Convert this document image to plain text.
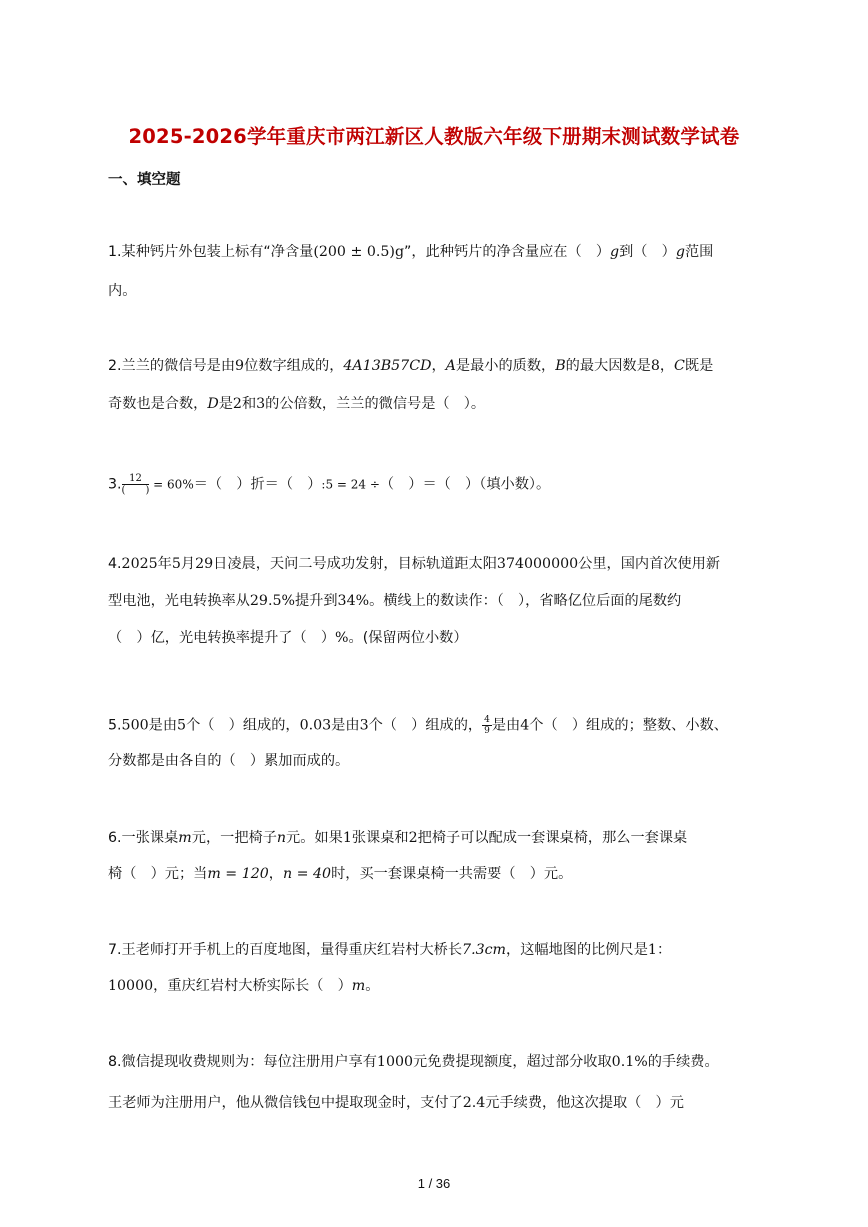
2025-2026学年重庆市两江新区人教版六年级下册期末测试数学试卷
一、填空题
1.某种钙片外包装上标有“净含量(200 ± 0.5)g”，此种钙片的净含量应在（　）g到（　）g范围
内。
2.兰兰的微信号是由9位数字组成的，4A13B57CD，A是最小的质数，B的最大因数是8，C既是
奇数也是合数，D是2和3的公倍数，兰兰的微信号是（　）。
3. $\frac{12}{( )} = 60\%=$（　）折＝（　）:5 = 24 ÷（　）＝（　）（填小数）。
4.2025年5月29日凌晨，天问二号成功发射，目标轨道距太阳374000000公里，国内首次使用新
型电池，光电转换率从29.5%提升到34%。横线上的数读作：（　），省略亿位后面的尾数约
（　）亿，光电转换率提升了（　）%。(保留两位小数）
5.500是由5个（　）组成的，0.03是由3个（　）组成的， $\frac{4}{9}$ 是由4个（　）组成的；整数、小数、
分数都是由各自的（　）累加而成的。
6.一张课桌m元，一把椅子n元。如果1张课桌和2把椅子可以配成一套课桌椅，那么一套课桌
椅（　）元；当m = 120，n = 40时，买一套课桌椅一共需要（　）元。
7.王老师打开手机上的百度地图，量得重庆红岩村大桥长7.3cm，这幅地图的比例尺是1：
10000，重庆红岩村大桥实际长（　）m。
8.微信提现收费规则为：每位注册用户享有1000元免费提现额度，超过部分收取0.1%的手续费。
王老师为注册用户，他从微信钱包中提取现金时，支付了2.4元手续费，他这次提取（　）元
1 / 36
